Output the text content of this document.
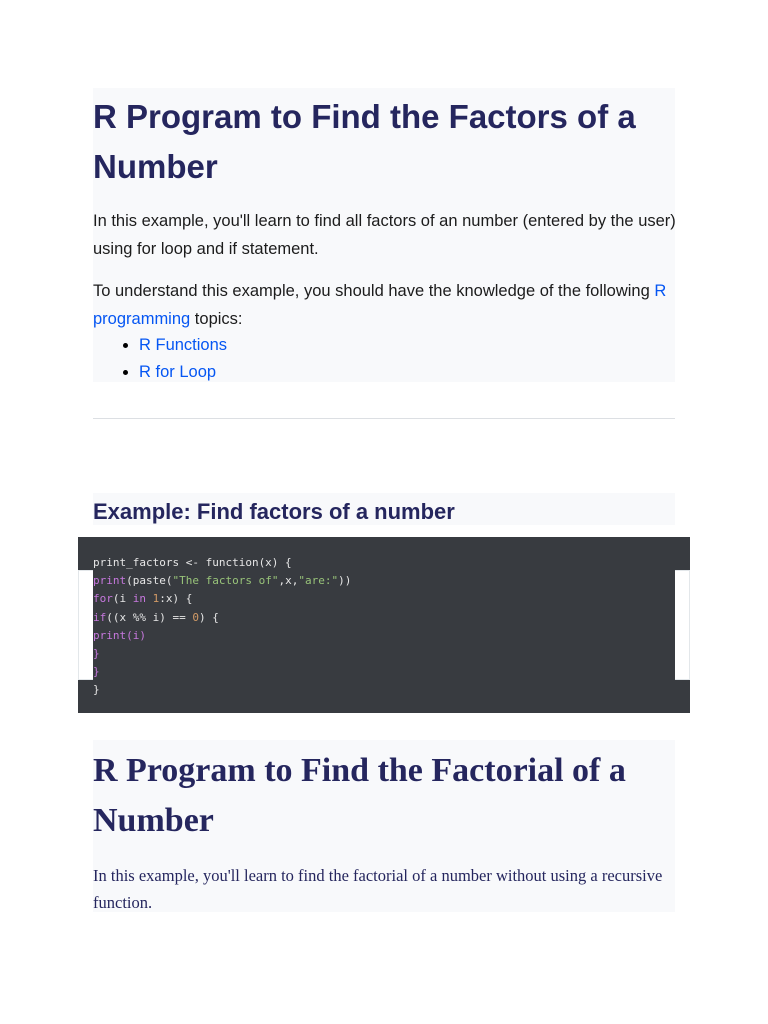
R Program to Find the Factors of a Number

In this example, you'll learn to find all factors of an number (entered by the user) using for loop and if statement.

To understand this example, you should have the knowledge of the following R programming topics:

• R Functions
• R for Loop
Example: Find factors of a number
print_factors <- function(x) {
print(paste("The factors of",x,"are:"))
for(i in 1:x) {
if((x %% i) == 0) {
print(i)
}
}
}
R Program to Find the Factorial of a Number

In this example, you'll learn to find the factorial of a number without using a recursive function.
